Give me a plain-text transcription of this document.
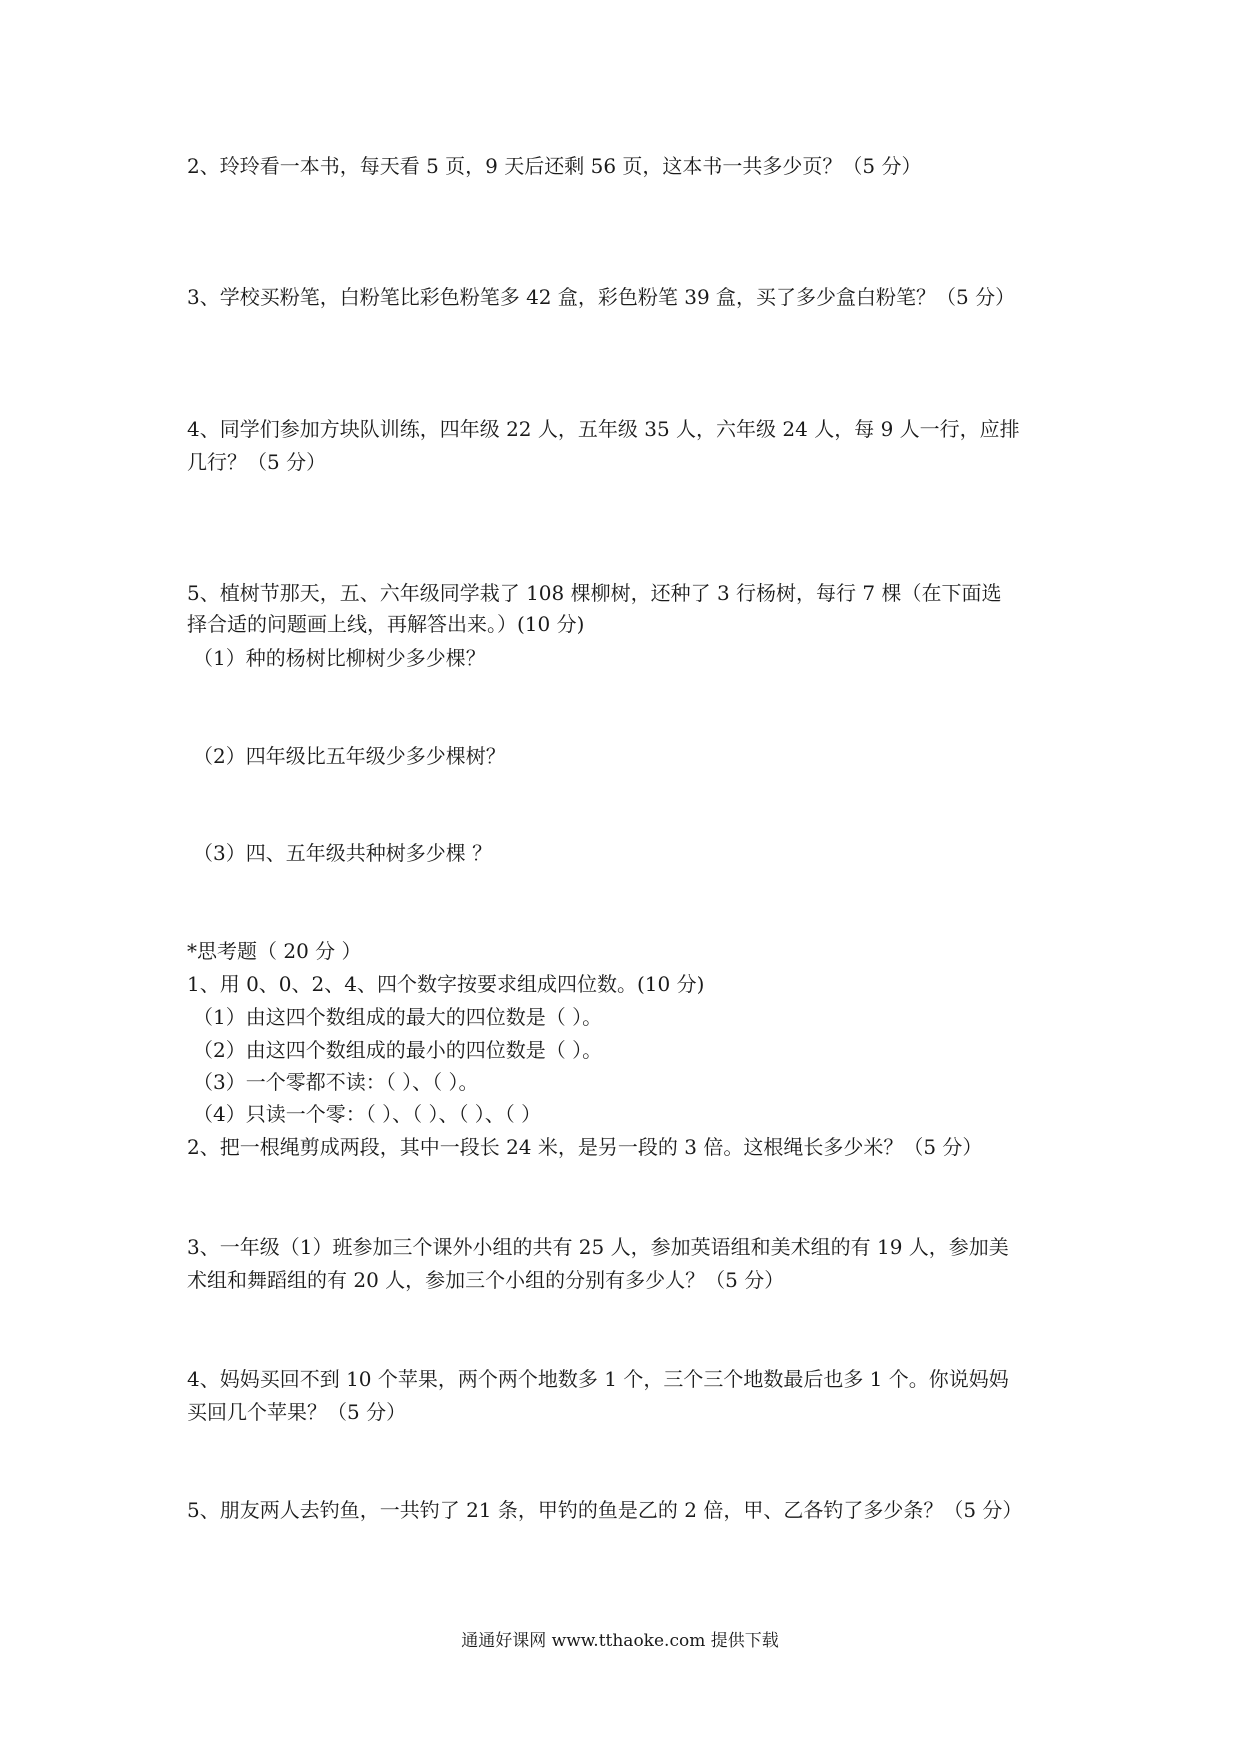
2、玲玲看一本书，每天看 5 页，9 天后还剩 56 页，这本书一共多少页？（5 分）
3、学校买粉笔，白粉笔比彩色粉笔多 42 盒，彩色粉笔 39 盒，买了多少盒白粉笔？（5 分）
4、同学们参加方块队训练，四年级 22 人，五年级 35 人，六年级 24 人，每 9 人一行，应排
几行？（5 分）
5、植树节那天，五、六年级同学栽了 108 棵柳树，还种了 3 行杨树，每行 7 棵（在下面选
择合适的问题画上线，再解答出来。）(10 分)
（1）种的杨树比柳树少多少棵？
（2）四年级比五年级少多少棵树？
（3）四、五年级共种树多少棵 ？
*思考题（ 20 分 ）
1、用 0、0、2、4、四个数字按要求组成四位数。(10 分)
（1）由这四个数组成的最大的四位数是（ ）。
（2）由这四个数组成的最小的四位数是（ ）。
（3）一个零都不读：（ ）、（ ）。
（4）只读一个零：（ ）、（ ）、（ ）、（ ）
2、把一根绳剪成两段，其中一段长 24 米，是另一段的 3 倍。这根绳长多少米？（5 分）
3、一年级（1）班参加三个课外小组的共有 25 人，参加英语组和美术组的有 19 人，参加美
术组和舞蹈组的有 20 人，参加三个小组的分别有多少人？（5 分）
4、妈妈买回不到 10 个苹果，两个两个地数多 1 个，三个三个地数最后也多 1 个。你说妈妈
买回几个苹果？（5 分）
5、朋友两人去钓鱼，一共钓了 21 条，甲钓的鱼是乙的 2 倍，甲、乙各钓了多少条？（5 分）
通通好课网 www.tthaoke.com 提供下载
